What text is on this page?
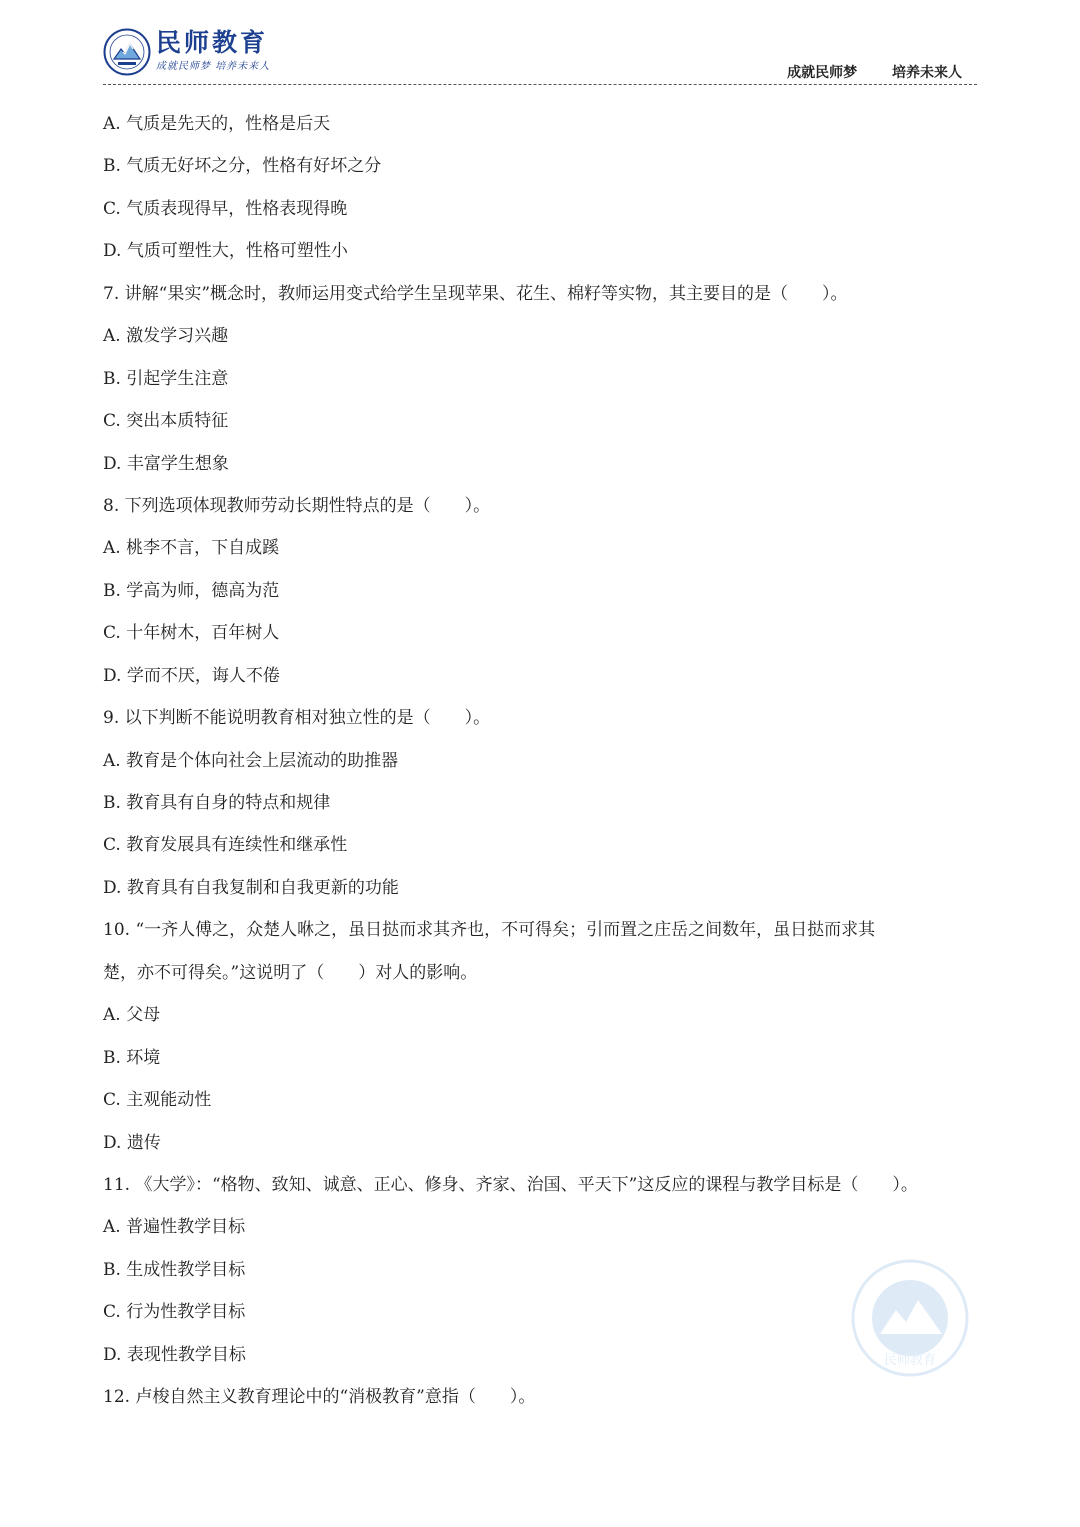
民师教育
成就民师梦 培养未来人	成就民师梦 培养未来人
A. 气质是先天的，性格是后天
B. 气质无好坏之分，性格有好坏之分
C. 气质表现得早，性格表现得晚
D. 气质可塑性大，性格可塑性小
7. 讲解“果实”概念时，教师运用变式给学生呈现苹果、花生、棉籽等实物，其主要目的是（　　）。
A. 激发学习兴趣
B. 引起学生注意
C. 突出本质特征
D. 丰富学生想象
8. 下列选项体现教师劳动长期性特点的是（　　）。
A. 桃李不言，下自成蹊
B. 学高为师，德高为范
C. 十年树木，百年树人
D. 学而不厌，诲人不倦
9. 以下判断不能说明教育相对独立性的是（　　）。
A. 教育是个体向社会上层流动的助推器
B. 教育具有自身的特点和规律
C. 教育发展具有连续性和继承性
D. 教育具有自我复制和自我更新的功能
10. “一齐人傅之，众楚人咻之，虽日挞而求其齐也，不可得矣；引而置之庄岳之间数年，虽日挞而求其
楚，亦不可得矣。”这说明了（　　）对人的影响。
A. 父母
B. 环境
C. 主观能动性
D. 遗传
11. 《大学》：“格物、致知、诚意、正心、修身、齐家、治国、平天下”这反应的课程与教学目标是（　　）。
A. 普遍性教学目标
B. 生成性教学目标
C. 行为性教学目标
D. 表现性教学目标
12. 卢梭自然主义教育理论中的“消极教育”意指（　　）。
民师教育
